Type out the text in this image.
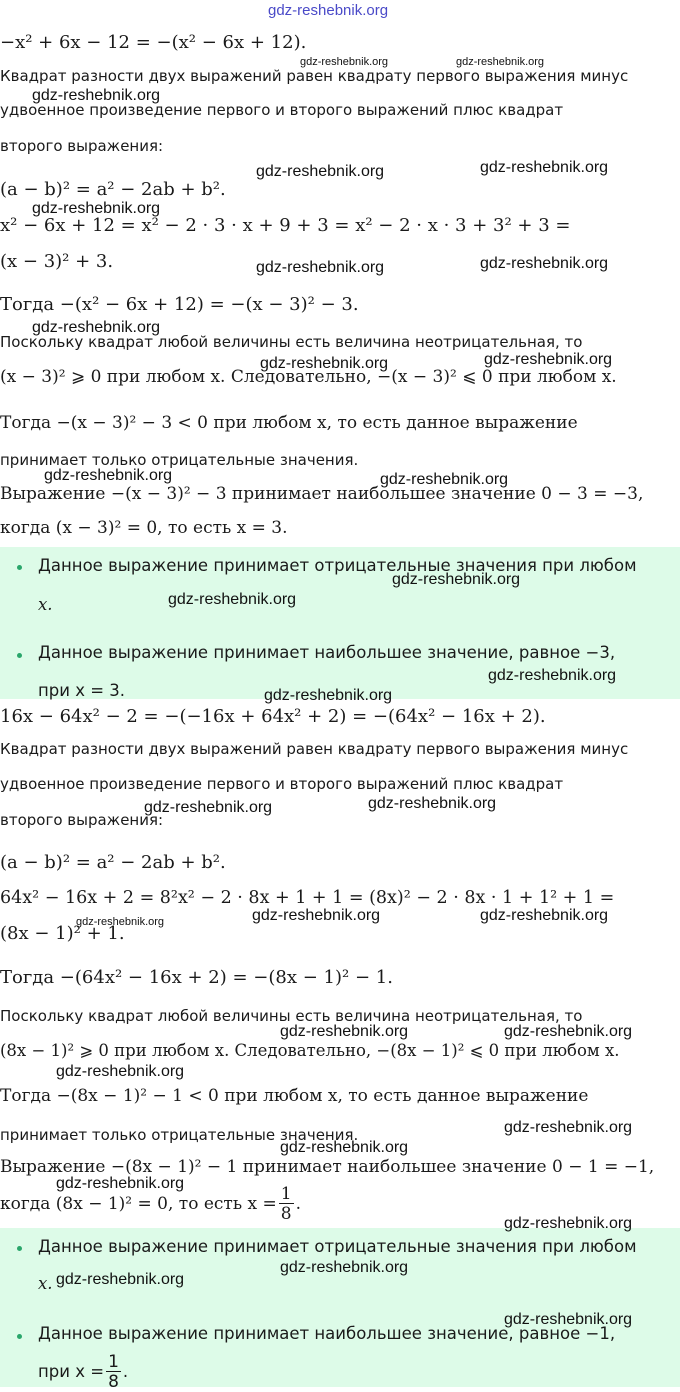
gdz-reshebnik.org
−x² + 6x − 12 = −(x² − 6x + 12).
Квадрат разности двух выражений равен квадрату первого выражения минус
удвоенное произведение первого и второго выражений плюс квадрат
второго выражения:
(a − b)² = a² − 2ab + b².
x² − 6x + 12 = x² − 2 · 3 · x + 9 + 3 = x² − 2 · x · 3 + 3² + 3 =
(x − 3)² + 3.
Тогда −(x² − 6x + 12) = −(x − 3)² − 3.
Поскольку квадрат любой величины есть величина неотрицательная, то
(x − 3)² ⩾ 0 при любом x. Следовательно, −(x − 3)² ⩽ 0 при любом x.
Тогда −(x − 3)² − 3 < 0 при любом x, то есть данное выражение
принимает только отрицательные значения.
Выражение −(x − 3)² − 3 принимает наибольшее значение 0 − 3 = −3,
когда (x − 3)² = 0, то есть x = 3.
Данное выражение принимает отрицательные значения при любом
x.
Данное выражение принимает наибольшее значение, равное −3,
при x = 3.
16x − 64x² − 2 = −(−16x + 64x² + 2) = −(64x² − 16x + 2).
Квадрат разности двух выражений равен квадрату первого выражения минус
удвоенное произведение первого и второго выражений плюс квадрат
второго выражения:
(a − b)² = a² − 2ab + b².
64x² − 16x + 2 = 8²x² − 2 · 8x + 1 + 1 = (8x)² − 2 · 8x · 1 + 1² + 1 =
(8x − 1)² + 1.
Тогда −(64x² − 16x + 2) = −(8x − 1)² − 1.
Поскольку квадрат любой величины есть величина неотрицательная, то
(8x − 1)² ⩾ 0 при любом x. Следовательно, −(8x − 1)² ⩽ 0 при любом x.
Тогда −(8x − 1)² − 1 < 0 при любом x, то есть данное выражение
принимает только отрицательные значения.
Выражение −(8x − 1)² − 1 принимает наибольшее значение 0 − 1 = −1,
когда (8x − 1)² = 0, то есть $x = \frac{1}{8}$ .
Данное выражение принимает отрицательные значения при любом
x.
Данное выражение принимает наибольшее значение, равное −1,
при $x = \frac{1}{8}$ .
gdz-reshebnik.org	gdz-reshebnik.org
gdz-reshebnik.org
gdz-reshebnik.org	gdz-reshebnik.org
gdz-reshebnik.org
gdz-reshebnik.org	gdz-reshebnik.org
gdz-reshebnik.org
gdz-reshebnik.org	gdz-reshebnik.org
gdz-reshebnik.org	gdz-reshebnik.org
gdz-reshebnik.org
gdz-reshebnik.org
gdz-reshebnik.org
gdz-reshebnik.org
gdz-reshebnik.org	gdz-reshebnik.org
gdz-reshebnik.org	gdz-reshebnik.org	gdz-reshebnik.org
gdz-reshebnik.org	gdz-reshebnik.org
gdz-reshebnik.org
gdz-reshebnik.org
gdz-reshebnik.org
gdz-reshebnik.org
gdz-reshebnik.org
gdz-reshebnik.org
gdz-reshebnik.org
gdz-reshebnik.org
